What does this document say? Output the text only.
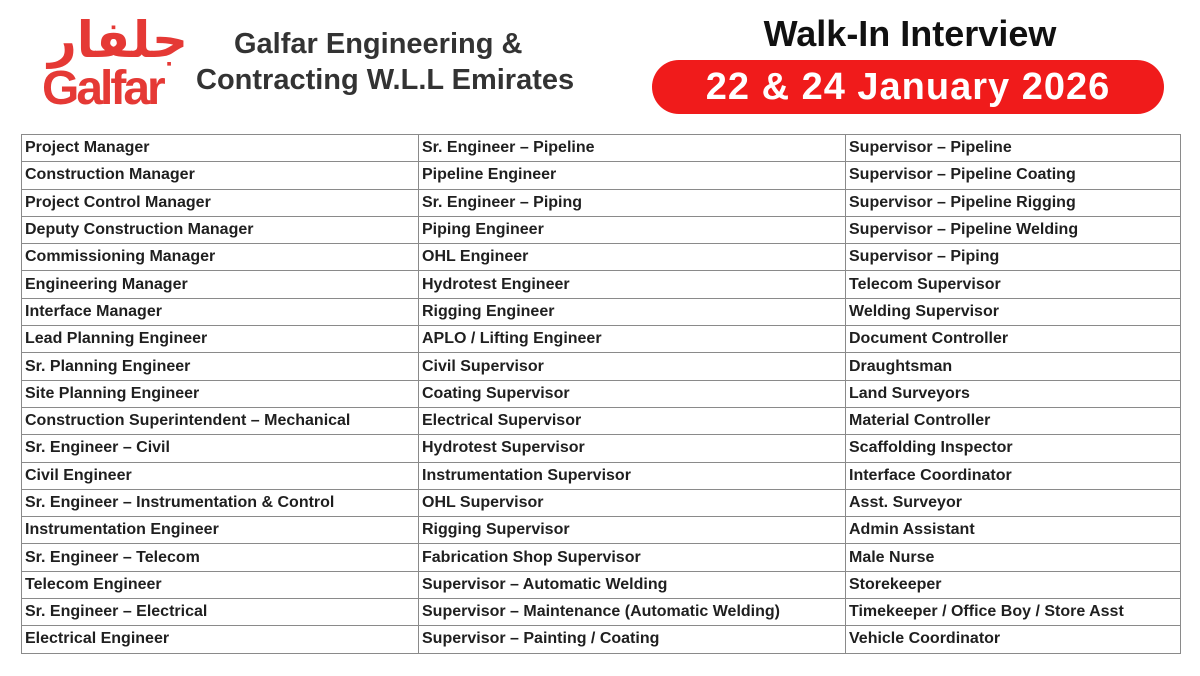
جلفار
Galfar
Galfar Engineering &
Contracting W.L.L Emirates
Walk-In Interview
22 & 24 January 2026
Project Manager	Sr. Engineer – Pipeline	Supervisor – Pipeline
Construction Manager	Pipeline Engineer	Supervisor – Pipeline Coating
Project Control Manager	Sr. Engineer – Piping	Supervisor – Pipeline Rigging
Deputy Construction Manager	Piping Engineer	Supervisor – Pipeline Welding
Commissioning Manager	OHL Engineer	Supervisor – Piping
Engineering Manager	Hydrotest Engineer	Telecom Supervisor
Interface Manager	Rigging Engineer	Welding Supervisor
Lead Planning Engineer	APLO / Lifting Engineer	Document Controller
Sr. Planning Engineer	Civil Supervisor	Draughtsman
Site Planning Engineer	Coating Supervisor	Land Surveyors
Construction Superintendent – Mechanical	Electrical Supervisor	Material Controller
Sr. Engineer – Civil	Hydrotest Supervisor	Scaffolding Inspector
Civil Engineer	Instrumentation Supervisor	Interface Coordinator
Sr. Engineer – Instrumentation & Control	OHL Supervisor	Asst. Surveyor
Instrumentation Engineer	Rigging Supervisor	Admin Assistant
Sr. Engineer – Telecom	Fabrication Shop Supervisor	Male Nurse
Telecom Engineer	Supervisor – Automatic Welding	Storekeeper
Sr. Engineer – Electrical	Supervisor – Maintenance (Automatic Welding)	Timekeeper / Office Boy / Store Asst
Electrical Engineer	Supervisor – Painting / Coating	Vehicle Coordinator
